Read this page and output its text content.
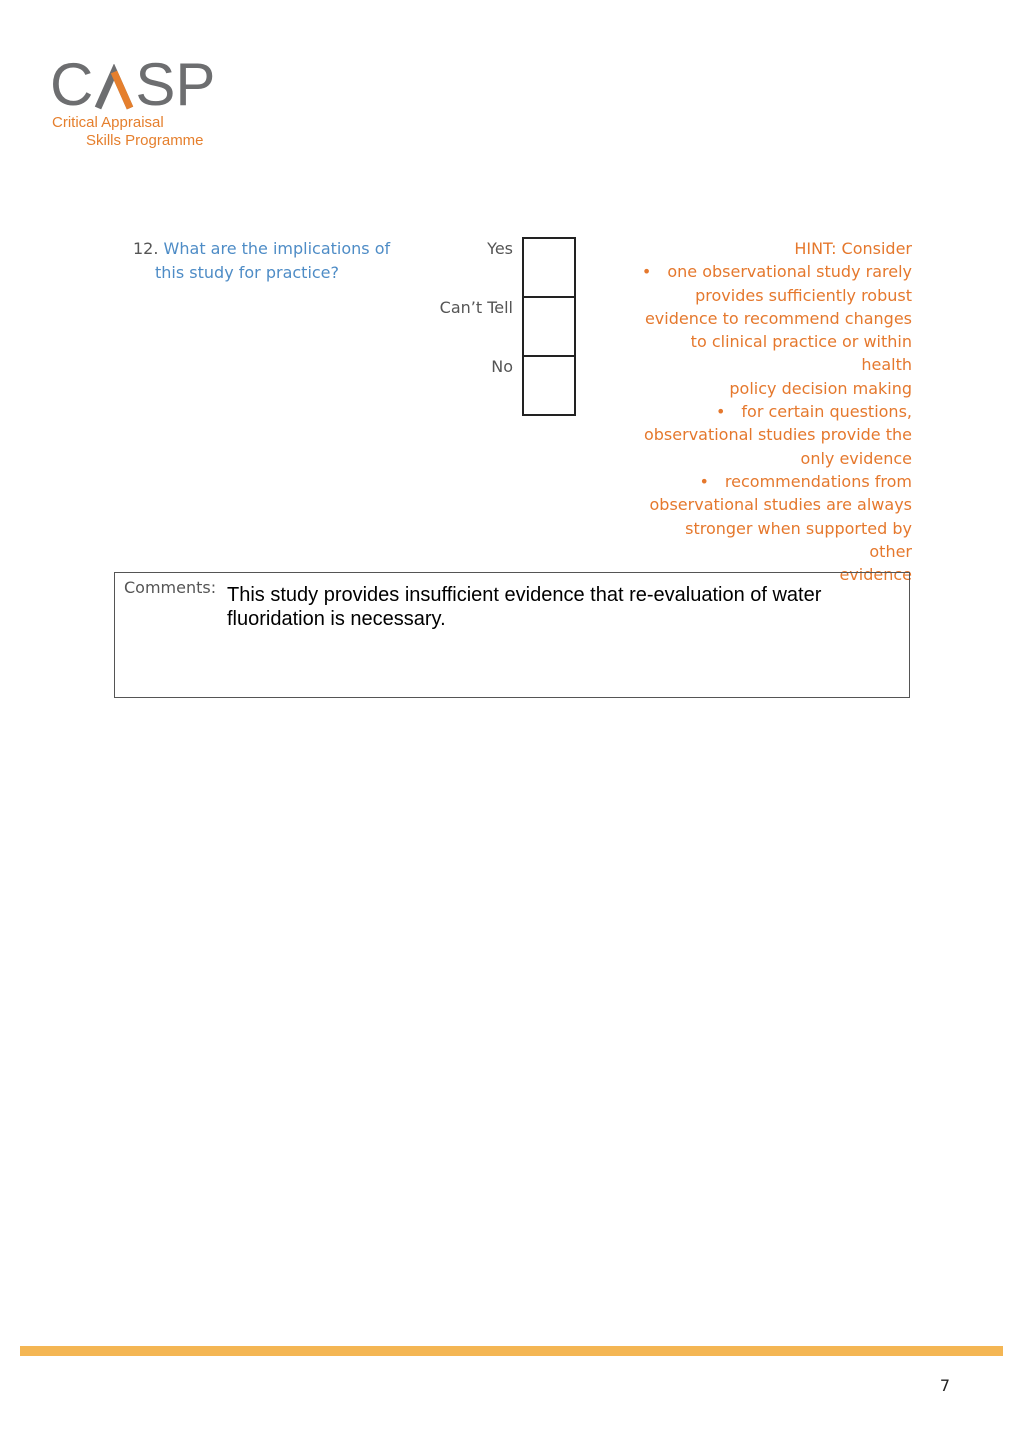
C SP
Critical Appraisal
Skills Programme
12. What are the implications of
this study for practice?
Yes
Can’t Tell
No
HINT: Consider
• one observational study rarely
provides sufficiently robust
evidence to recommend changes
to clinical practice or within health
policy decision making
• for certain questions,
observational studies provide the
only evidence
• recommendations from
observational studies are always
stronger when supported by other
evidence
Comments: This study provides insufficient evidence that re-evaluation of water fluoridation is necessary.
7
